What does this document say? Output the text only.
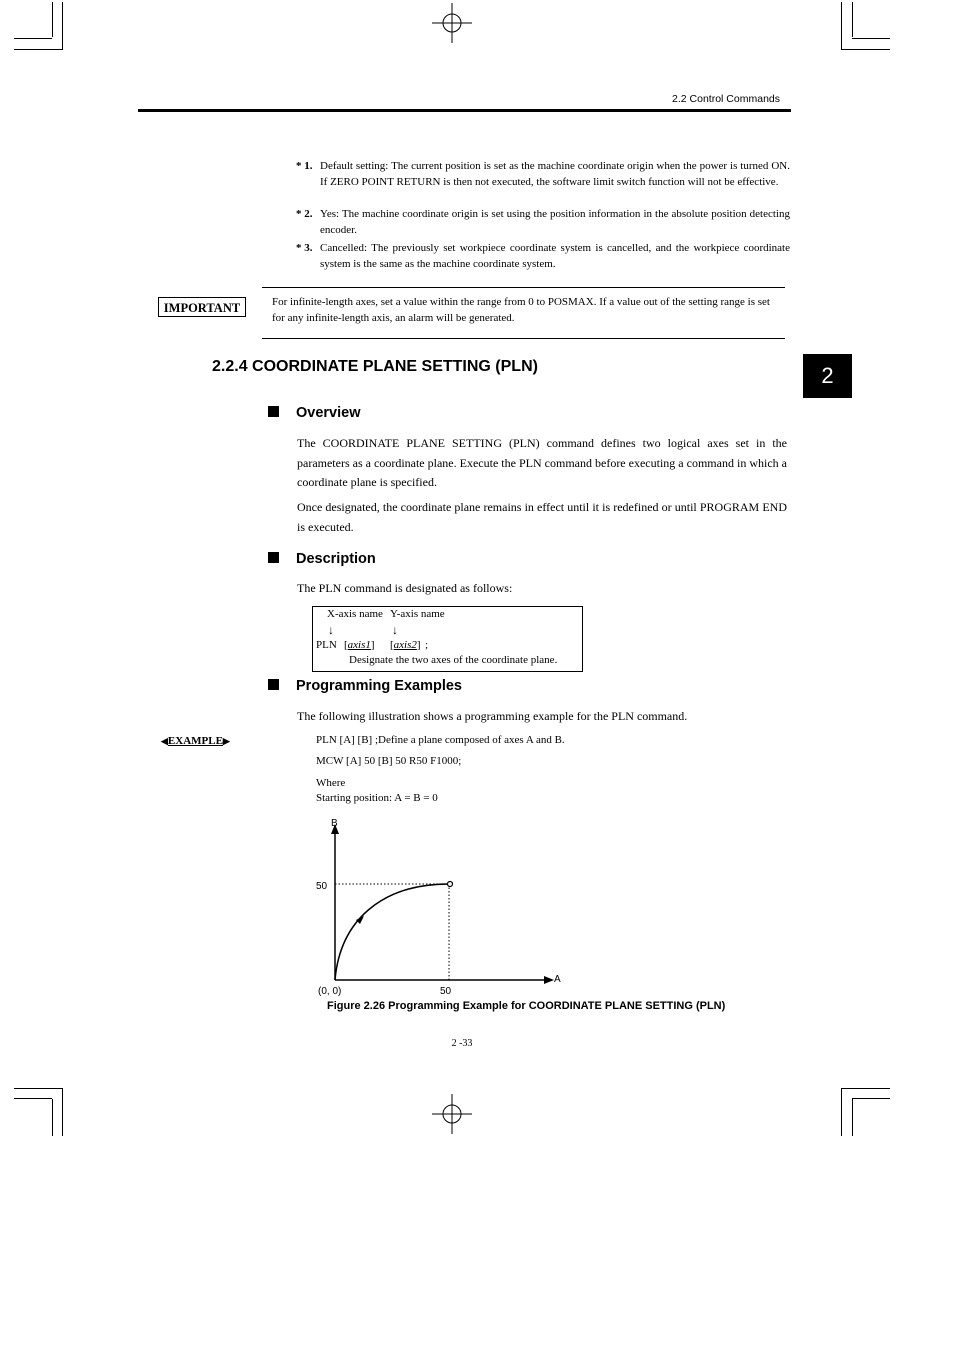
2.2 Control Commands
* 1. Default setting: The current position is set as the machine coordinate origin when the power is turned ON. If ZERO POINT RETURN is then not executed, the software limit switch function will not be effective.
* 2. Yes: The machine coordinate origin is set using the position information in the absolute position detecting encoder.
* 3. Cancelled: The previously set workpiece coordinate system is cancelled, and the workpiece coordinate system is the same as the machine coordinate system.
IMPORTANT	For infinite-length axes, set a value within the range from 0 to POSMAX. If a value out of the setting range is set for any infinite-length axis, an alarm will be generated.
2
2.2.4 COORDINATE PLANE SETTING (PLN)
Overview
The COORDINATE PLANE SETTING (PLN) command defines two logical axes set in the parameters as a coordinate plane. Execute the PLN command before executing a command in which a coordinate plane is specified.
Once designated, the coordinate plane remains in effect until it is redefined or until PROGRAM END is executed.
Description
The PLN command is designated as follows:
X-axis name Y-axis name
↓	↓
PLN [axis1] [axis2] ;
Designate the two axes of the coordinate plane.
Programming Examples
The following illustration shows a programming example for the PLN command.
◀EXAMPLE▶	PLN [A] [B] ;Define a plane composed of axes A and B.
MCW [A] 50 [B] 50 R50 F1000;
Where
Starting position: A = B = 0
B
A
50
50
(0, 0)
Figure 2.26 Programming Example for COORDINATE PLANE SETTING (PLN)
2 -33
